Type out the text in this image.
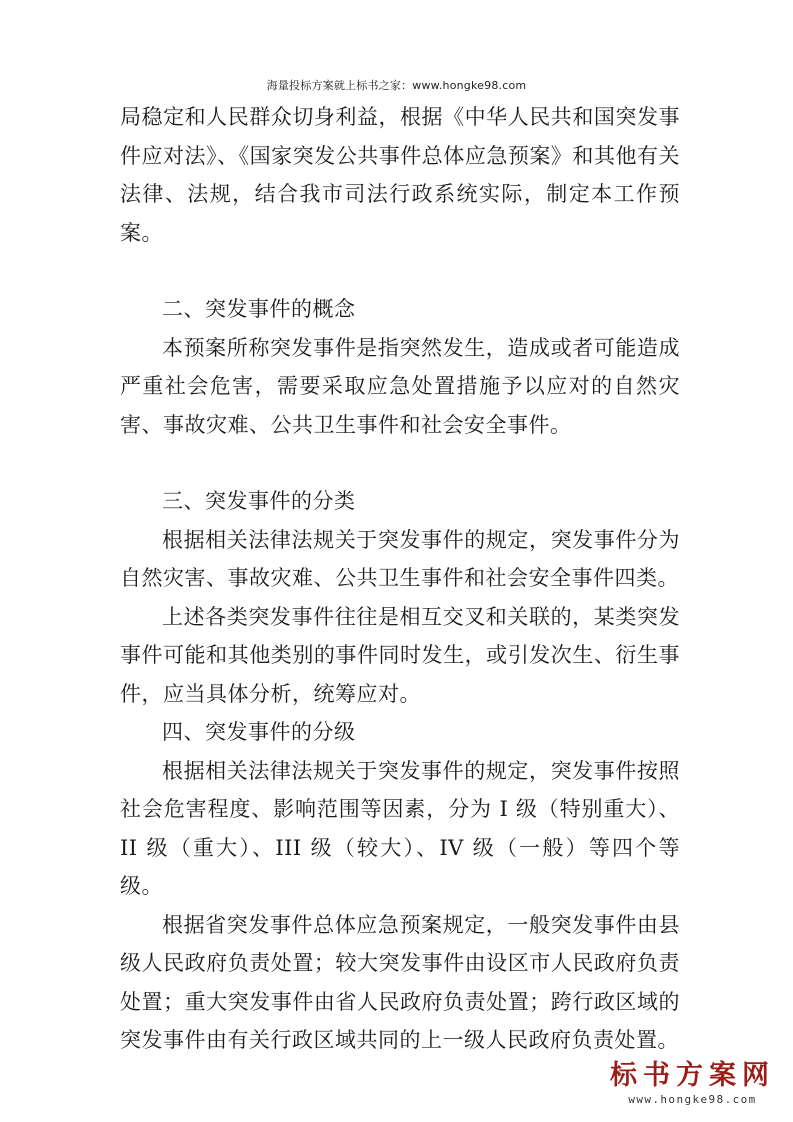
海量投标方案就上标书之家：www.hongke98.com

局稳定和人民群众切身利益，根据《中华人民共和国突发事件应对法》、《国家突发公共事件总体应急预案》和其他有关法律、法规，结合我市司法行政系统实际，制定本工作预案。

二、突发事件的概念

本预案所称突发事件是指突然发生，造成或者可能造成严重社会危害，需要采取应急处置措施予以应对的自然灾害、事故灾难、公共卫生事件和社会安全事件。

三、突发事件的分类

根据相关法律法规关于突发事件的规定，突发事件分为自然灾害、事故灾难、公共卫生事件和社会安全事件四类。

上述各类突发事件往往是相互交叉和关联的，某类突发事件可能和其他类别的事件同时发生，或引发次生、衍生事件，应当具体分析，统筹应对。

四、突发事件的分级

根据相关法律法规关于突发事件的规定，突发事件按照社会危害程度、影响范围等因素，分为 I 级（特别重大）、II 级（重大）、III 级（较大）、IV 级（一般）等四个等级。

根据省突发事件总体应急预案规定，一般突发事件由县级人民政府负责处置；较大突发事件由设区市人民政府负责处置；重大突发事件由省人民政府负责处置；跨行政区域的突发事件由有关行政区域共同的上一级人民政府负责处置。

标书方案网
www.hongke98.com
